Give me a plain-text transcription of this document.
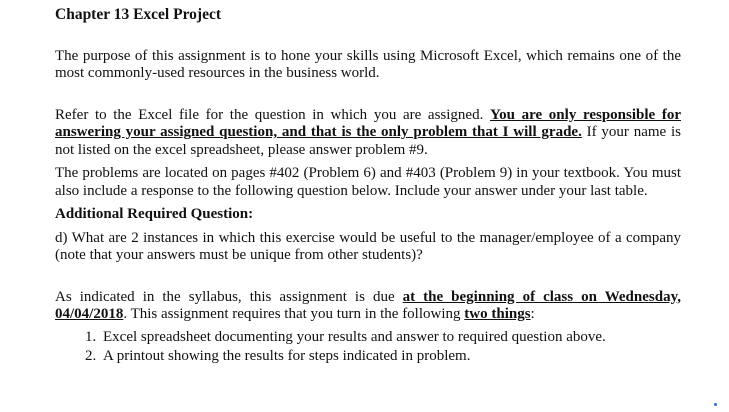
Chapter 13 Excel Project

The purpose of this assignment is to hone your skills using Microsoft Excel, which remains one of the most commonly-used resources in the business world.

Refer to the Excel file for the question in which you are assigned. You are only responsible for answering your assigned question, and that is the only problem that I will grade. If your name is not listed on the excel spreadsheet, please answer problem #9.

The problems are located on pages #402 (Problem 6) and #403 (Problem 9) in your textbook. You must also include a response to the following question below. Include your answer under your last table.

Additional Required Question:

d) What are 2 instances in which this exercise would be useful to the manager/employee of a company (note that your answers must be unique from other students)?

As indicated in the syllabus, this assignment is due at the beginning of class on Wednesday, 04/04/2018. This assignment requires that you turn in the following two things:

1. Excel spreadsheet documenting your results and answer to required question above.
2. A printout showing the results for steps indicated in problem.
